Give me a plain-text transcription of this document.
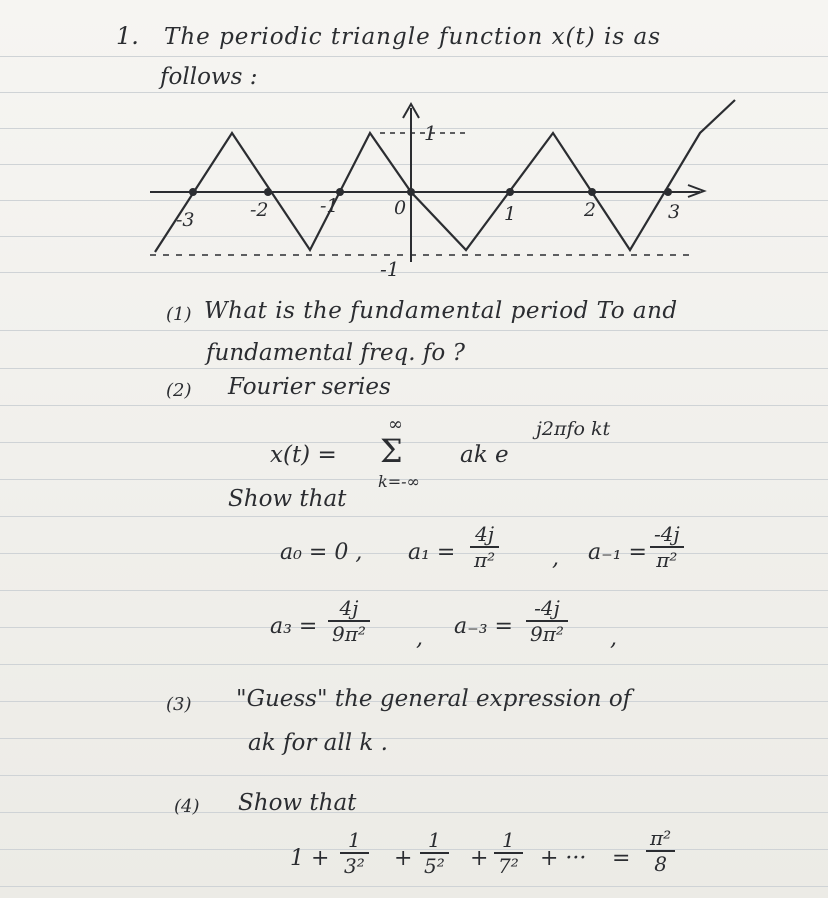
1. The periodic triangle function x(t) is as
follows :
1
-1
-3	-2	-1	0	1	2	3
(1) What is the fundamental period To and
fundamental freq. fo ?
(2) Fourier series
x(t) =
∞
Σ
k=-∞
ak e
j2πfo kt
Show that
a₀ = 0 , a₁ =
4j
π²	, a₋₁ =
-4j
π²
a₃ =
4j
9π² , a₋₃ =
-4j
9π² ,
(3) "Guess" the general expression of
ak for all k .
(4) Show that
1 +
1
3² +
1
5² +
1
7² + ··· =
π²
8
